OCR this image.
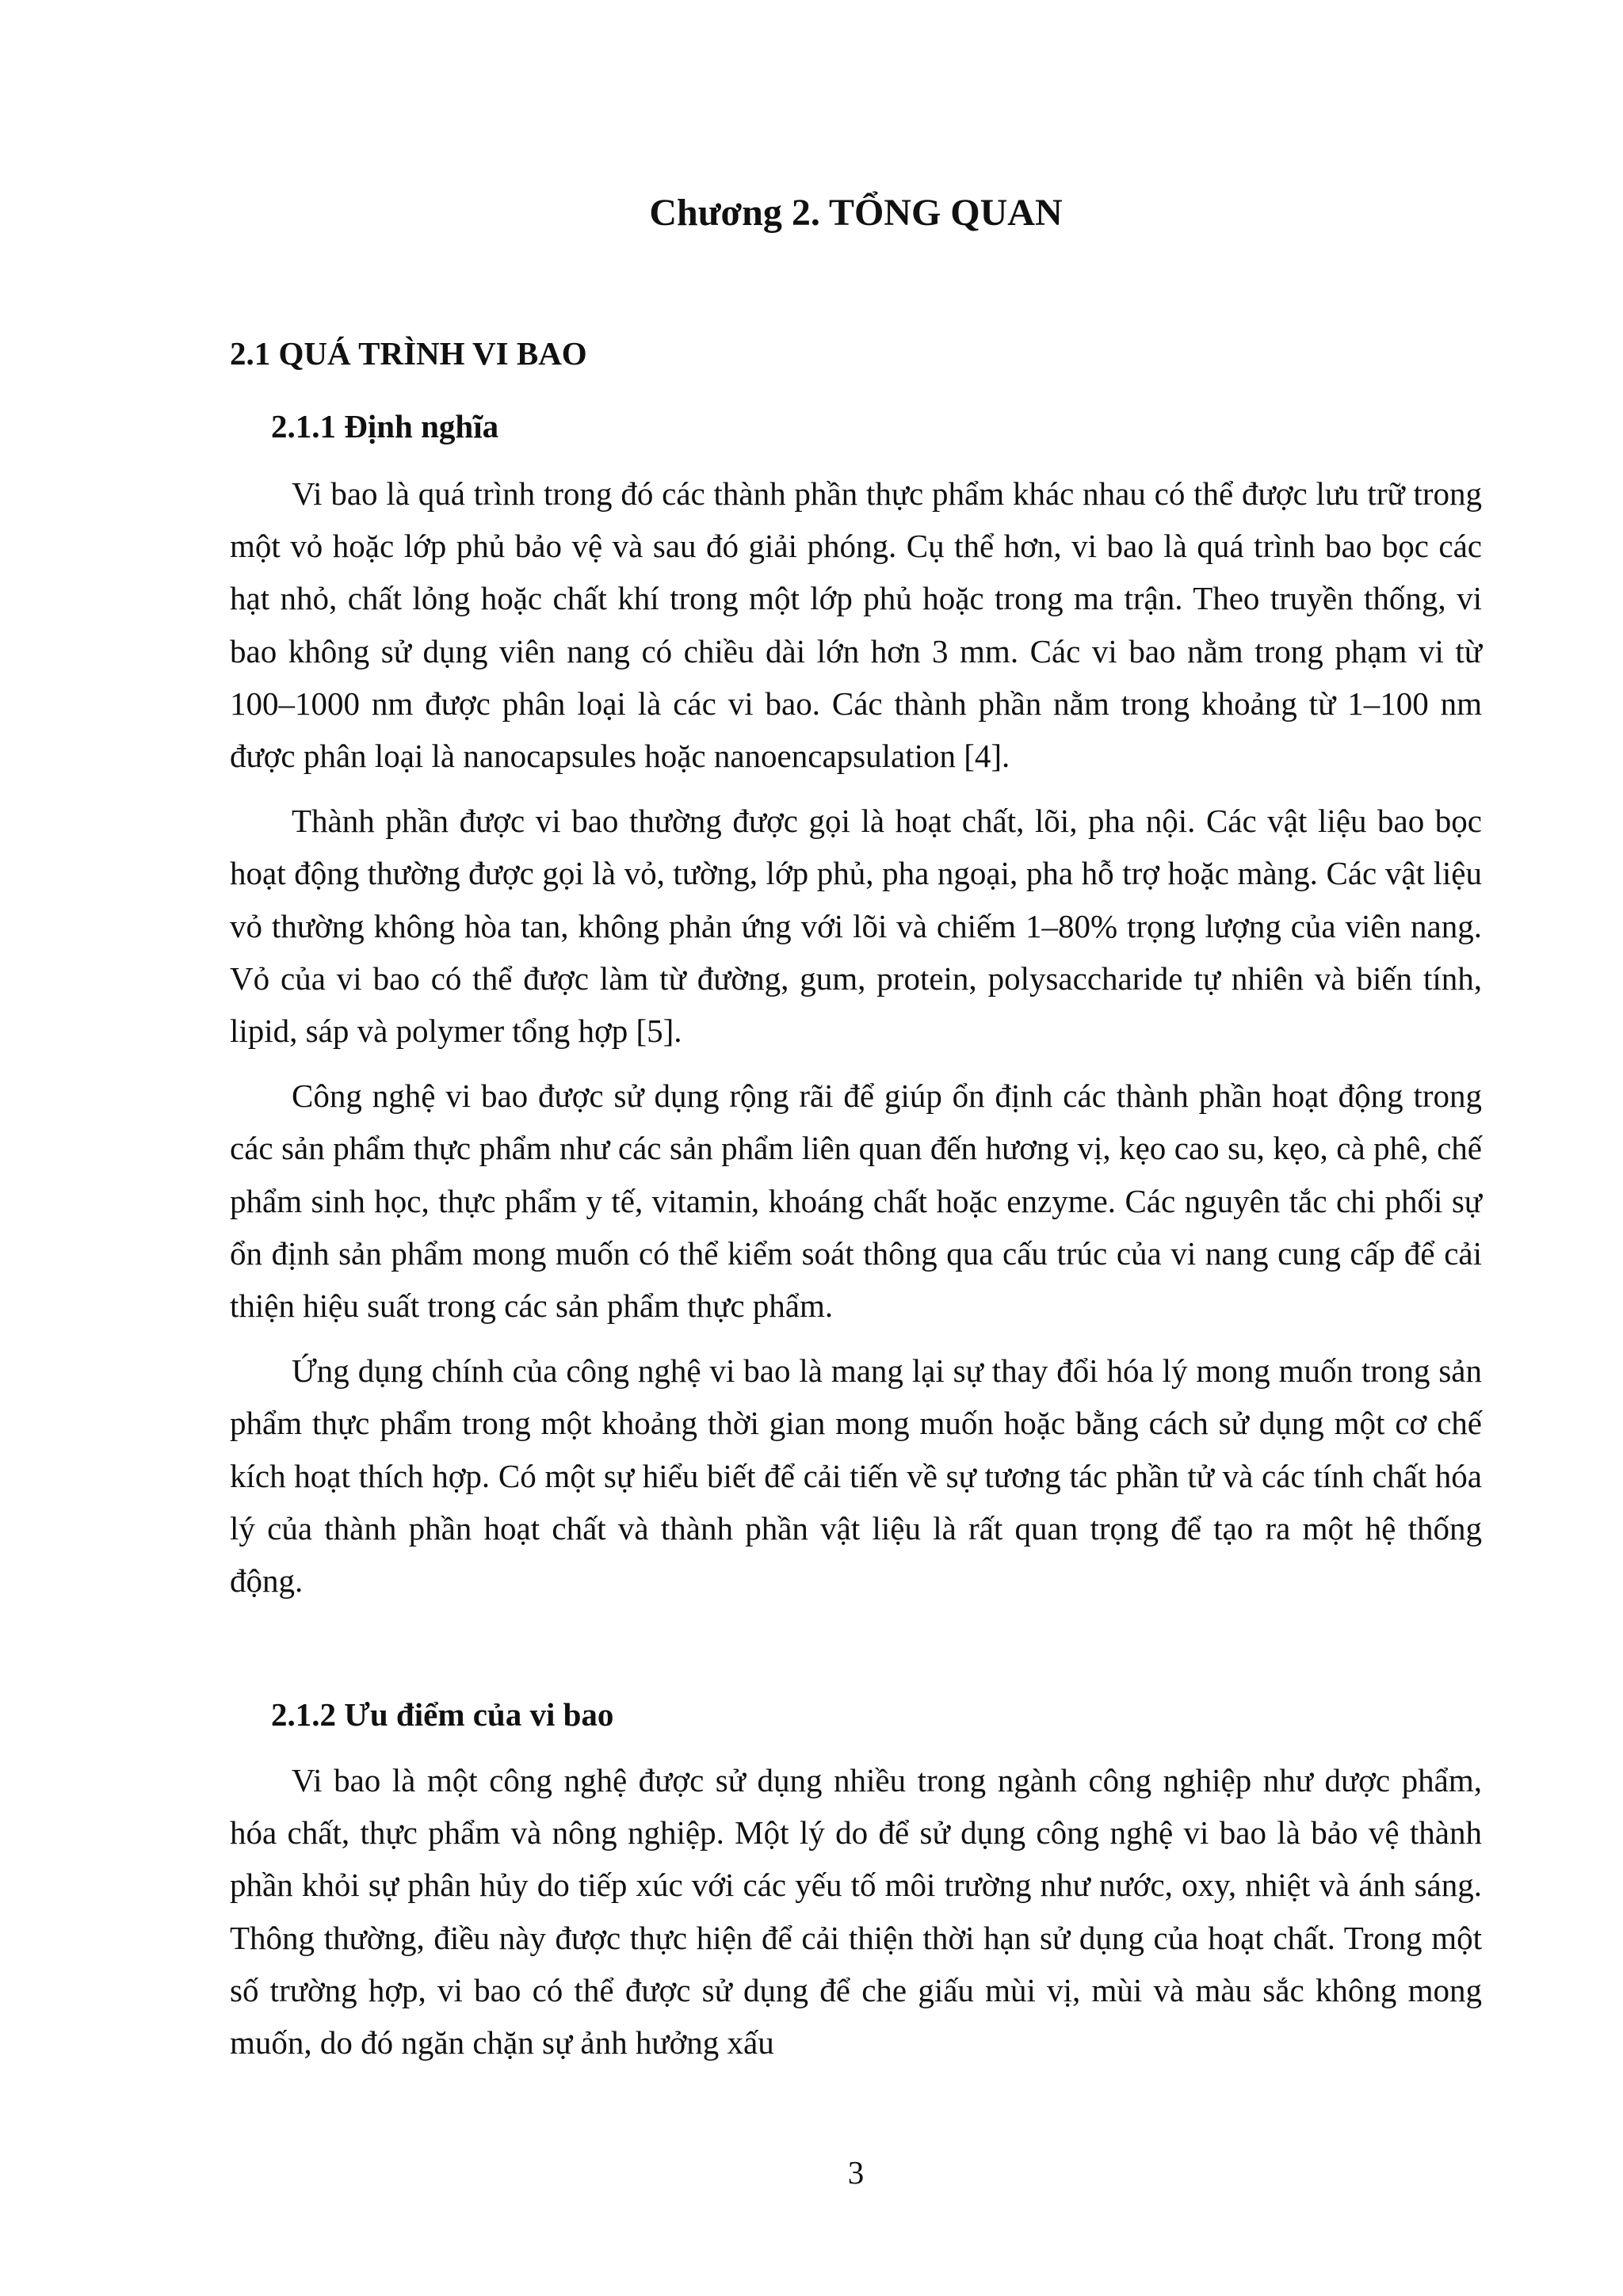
Chương 2. TỔNG QUAN
2.1 QUÁ TRÌNH VI BAO
2.1.1 Định nghĩa

Vi bao là quá trình trong đó các thành phần thực phẩm khác nhau có thể được lưu trữ trong một vỏ hoặc lớp phủ bảo vệ và sau đó giải phóng. Cụ thể hơn, vi bao là quá trình bao bọc các hạt nhỏ, chất lỏng hoặc chất khí trong một lớp phủ hoặc trong ma trận. Theo truyền thống, vi bao không sử dụng viên nang có chiều dài lớn hơn 3 mm. Các vi bao nằm trong phạm vi từ 100–1000 nm được phân loại là các vi bao. Các thành phần nằm trong khoảng từ 1–100 nm được phân loại là nanocapsules hoặc nanoencapsulation [4].

Thành phần được vi bao thường được gọi là hoạt chất, lõi, pha nội. Các vật liệu bao bọc hoạt động thường được gọi là vỏ, tường, lớp phủ, pha ngoại, pha hỗ trợ hoặc màng. Các vật liệu vỏ thường không hòa tan, không phản ứng với lõi và chiếm 1–80% trọng lượng của viên nang. Vỏ của vi bao có thể được làm từ đường, gum, protein, polysaccharide tự nhiên và biến tính, lipid, sáp và polymer tổng hợp [5].

Công nghệ vi bao được sử dụng rộng rãi để giúp ổn định các thành phần hoạt động trong các sản phẩm thực phẩm như các sản phẩm liên quan đến hương vị, kẹo cao su, kẹo, cà phê, chế phẩm sinh học, thực phẩm y tế, vitamin, khoáng chất hoặc enzyme. Các nguyên tắc chi phối sự ổn định sản phẩm mong muốn có thể kiểm soát thông qua cấu trúc của vi nang cung cấp để cải thiện hiệu suất trong các sản phẩm thực phẩm.

Ứng dụng chính của công nghệ vi bao là mang lại sự thay đổi hóa lý mong muốn trong sản phẩm thực phẩm trong một khoảng thời gian mong muốn hoặc bằng cách sử dụng một cơ chế kích hoạt thích hợp. Có một sự hiểu biết để cải tiến về sự tương tác phần tử và các tính chất hóa lý của thành phần hoạt chất và thành phần vật liệu là rất quan trọng để tạo ra một hệ thống động.

2.1.2 Ưu điểm của vi bao

Vi bao là một công nghệ được sử dụng nhiều trong ngành công nghiệp như dược phẩm, hóa chất, thực phẩm và nông nghiệp. Một lý do để sử dụng công nghệ vi bao là bảo vệ thành phần khỏi sự phân hủy do tiếp xúc với các yếu tố môi trường như nước, oxy, nhiệt và ánh sáng. Thông thường, điều này được thực hiện để cải thiện thời hạn sử dụng của hoạt chất. Trong một số trường hợp, vi bao có thể được sử dụng để che giấu mùi vị, mùi và màu sắc không mong muốn, do đó ngăn chặn sự ảnh hưởng xấu

3
